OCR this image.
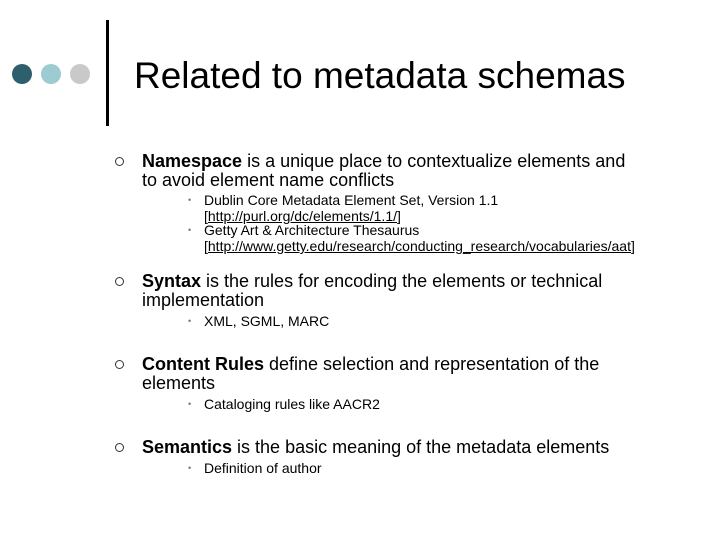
Related to metadata schemas
Namespace is a unique place to contextualize elements and
to avoid element name conflicts
• Dublin Core Metadata Element Set, Version 1.1
[http://purl.org/dc/elements/1.1/]
• Getty Art & Architecture Thesaurus
[http://www.getty.edu/research/conducting_research/vocabularies/aat]
Syntax is the rules for encoding the elements or technical
implementation
• XML, SGML, MARC
Content Rules define selection and representation of the
elements
• Cataloging rules like AACR2
Semantics is the basic meaning of the metadata elements
• Definition of author
